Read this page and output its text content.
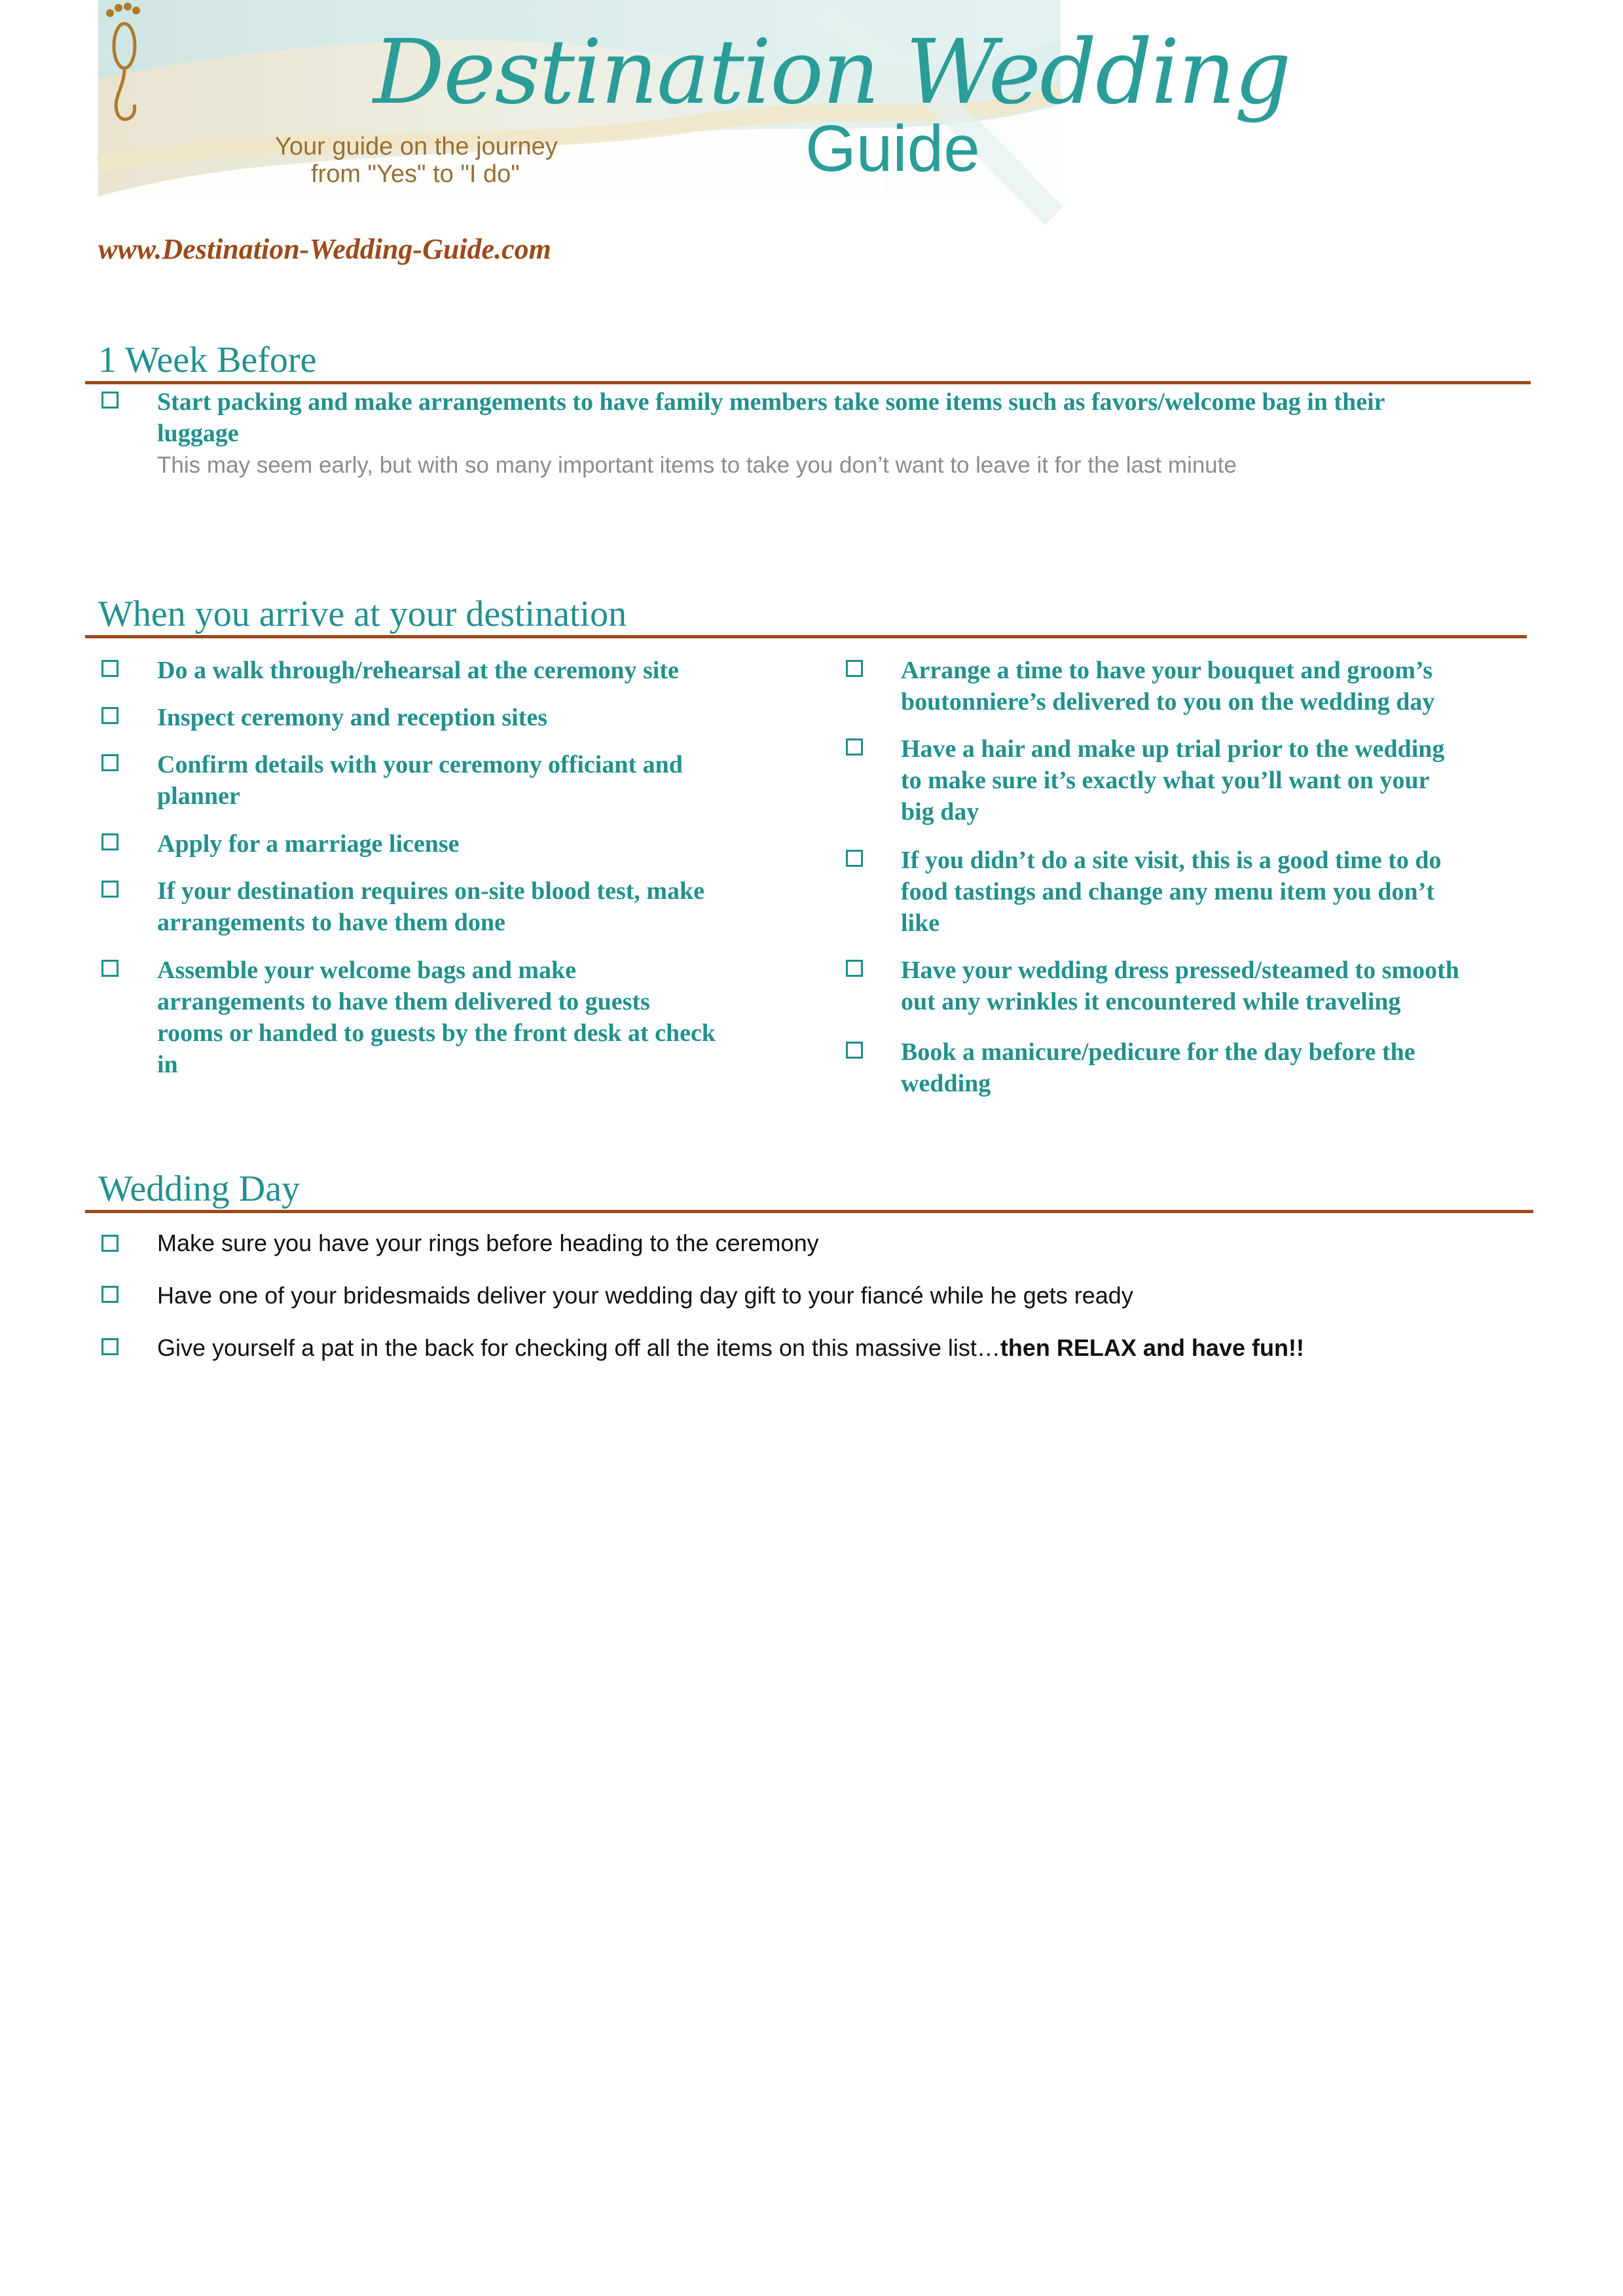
Destination Wedding
Guide
Your guide on the journey
from "Yes" to "I do"
www.Destination-Wedding-Guide.com
1 Week Before
Start packing and make arrangements to have family members take some items such as favors/welcome bag in their
luggage
This may seem early, but with so many important items to take you don’t want to leave it for the last minute
When you arrive at your destination
Do a walk through/rehearsal at the ceremony site
Inspect ceremony and reception sites
Confirm details with your ceremony officiant and
planner
Apply for a marriage license
If your destination requires on-site blood test, make
arrangements to have them done
Assemble your welcome bags and make
arrangements to have them delivered to guests
rooms or handed to guests by the front desk at check
in
Arrange a time to have your bouquet and groom’s
boutonniere’s delivered to you on the wedding day
Have a hair and make up trial prior to the wedding
to make sure it’s exactly what you’ll want on your
big day
If you didn’t do a site visit, this is a good time to do
food tastings and change any menu item you don’t
like
Have your wedding dress pressed/steamed to smooth
out any wrinkles it encountered while traveling
Book a manicure/pedicure for the day before the
wedding
Wedding Day
Make sure you have your rings before heading to the ceremony
Have one of your bridesmaids deliver your wedding day gift to your fiancé while he gets ready
Give yourself a pat in the back for checking off all the items on this massive list…then RELAX and have fun!!
